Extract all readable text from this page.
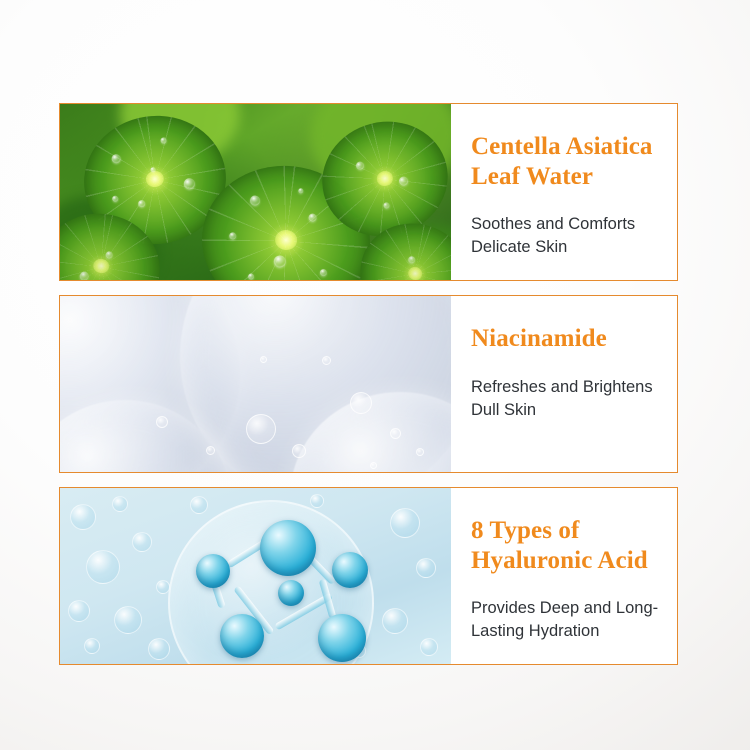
Centella Asiatica Leaf Water
Soothes and Comforts Delicate Skin
Niacinamide
Refreshes and Brightens Dull Skin
8 Types of Hyaluronic Acid
Provides Deep and Long-Lasting Hydration
